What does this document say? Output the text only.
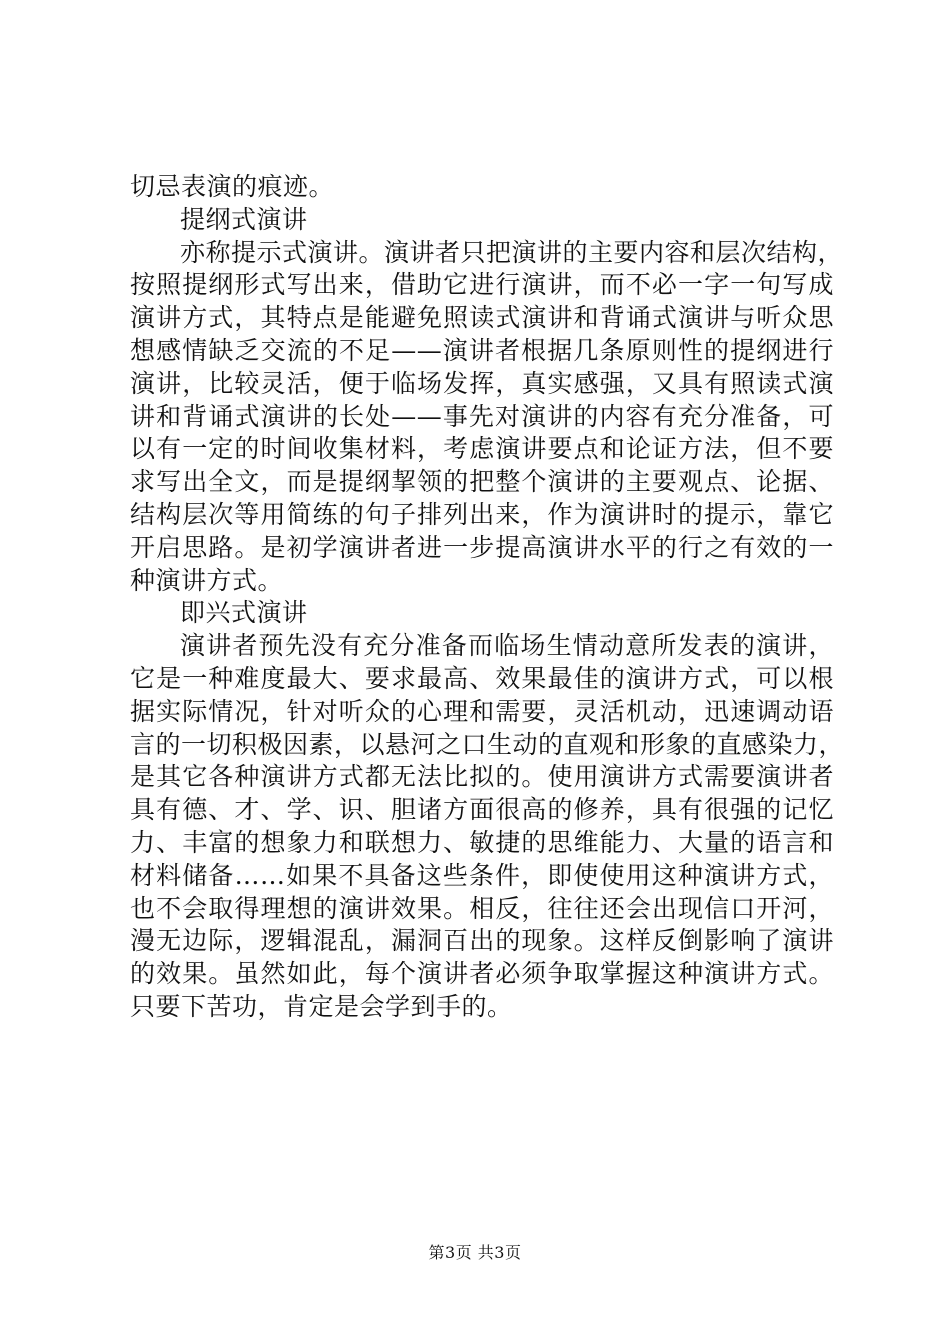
切忌表演的痕迹。
提纲式演讲
亦称提示式演讲。演讲者只把演讲的主要内容和层次结构，
按照提纲形式写出来，借助它进行演讲，而不必一字一句写成
演讲方式，其特点是能避免照读式演讲和背诵式演讲与听众思
想感情缺乏交流的不足——演讲者根据几条原则性的提纲进行
演讲，比较灵活，便于临场发挥，真实感强，又具有照读式演
讲和背诵式演讲的长处——事先对演讲的内容有充分准备，可
以有一定的时间收集材料，考虑演讲要点和论证方法，但不要
求写出全文，而是提纲挈领的把整个演讲的主要观点、论据、
结构层次等用简练的句子排列出来，作为演讲时的提示，靠它
开启思路。是初学演讲者进一步提高演讲水平的行之有效的一
种演讲方式。
即兴式演讲
演讲者预先没有充分准备而临场生情动意所发表的演讲，
它是一种难度最大、要求最高、效果最佳的演讲方式，可以根
据实际情况，针对听众的心理和需要，灵活机动，迅速调动语
言的一切积极因素，以悬河之口生动的直观和形象的直感染力，
是其它各种演讲方式都无法比拟的。使用演讲方式需要演讲者
具有德、才、学、识、胆诸方面很高的修养，具有很强的记忆
力、丰富的想象力和联想力、敏捷的思维能力、大量的语言和
材料储备……如果不具备这些条件，即使使用这种演讲方式，
也不会取得理想的演讲效果。相反，往往还会出现信口开河，
漫无边际，逻辑混乱，漏洞百出的现象。这样反倒影响了演讲
的效果。虽然如此，每个演讲者必须争取掌握这种演讲方式。
只要下苦功，肯定是会学到手的。
第3页 共3页
